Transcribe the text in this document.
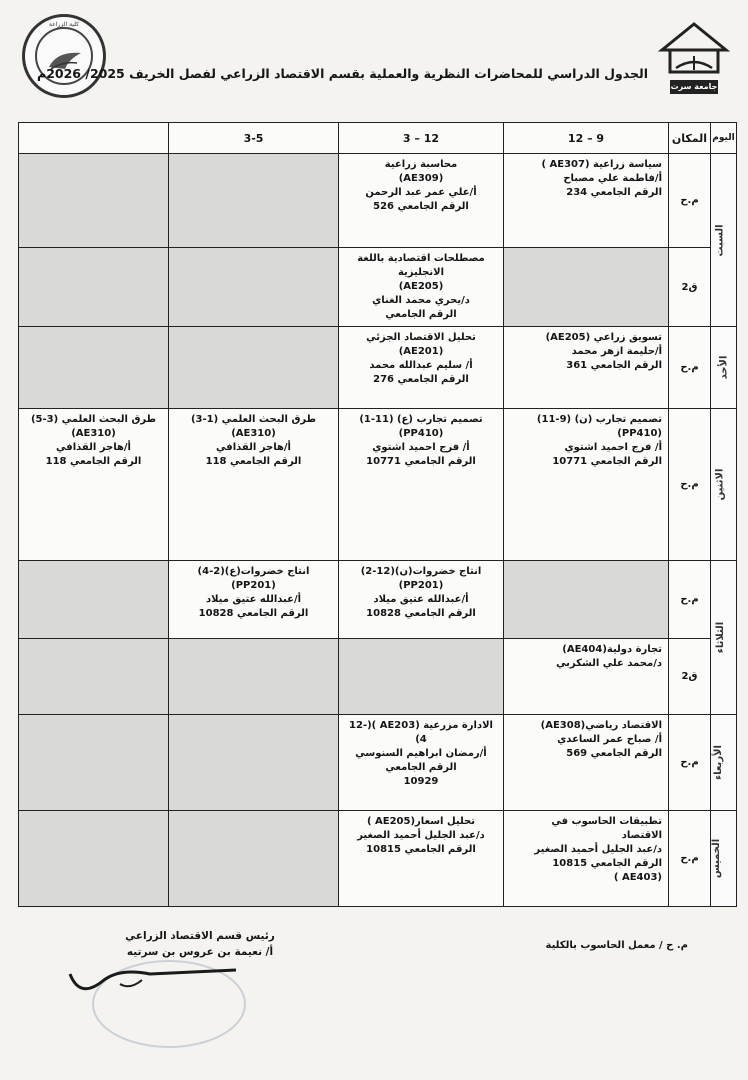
كلية الزراعة
الجدول الدراسي للمحاضرات النظرية والعملية بقسم الاقتصاد الزراعي لفصل الخريف 2025/ 2026م
جامعة سرت
اليوم	المكان	9 – 12	12 – 3	3-5	
السبت	م.ح	سياسة زراعية (AE307 )
أ/فاطمة علي مصباح
الرقم الجامعي 234	محاسبة زراعية
(AE309)
أ/علي عمر عبد الرحمن
الرقم الجامعي 526		

	ق2		مصطلحات اقتصادية باللغة الانجليزية
(AE205)
د/يحري محمد الغناي
الرقم الجامعي		

الأحد	م.ح	تسويق زراعي (AE205)
أ/حليمة ازهر محمد
الرقم الجامعي 361	تحليل الاقتصاد الجزئي (AE201)
أ/ سليم عبدالله محمد
الرقم الجامعي 276		

الاثنين	م.ح	تصميم تجارب (ن) (9-11)
(PP410)
أ/ فرج احميد اشتوي
الرقم الجامعي 10771	تصميم تجارب (ع) (11-1)
(PP410)
أ/ فرج احميد اشتوي
الرقم الجامعي 10771	طرق البحث العلمي (1-3)
(AE310)
أ/هاجر القذافي
الرقم الجامعي 118	طرق البحث العلمي (3-5)
(AE310)
أ/هاجر القذافي
الرقم الجامعي 118

الثلاثاء	م.ح		انتاج خضروات(ن)(12-2)
(PP201)
أ/عبدالله عتيق ميلاد
الرقم الجامعي 10828	انتاج خضروات(ع)(2-4)
(PP201)
أ/عبدالله عتيق ميلاد
الرقم الجامعي 10828	

	ق2	تجارة دولية(AE404)
د/محمد علي الشكربي			

الأربعاء	م.ح	الاقتصاد رياضي(AE308)
أ/ صباح عمر الساعدي
الرقم الجامعي 569	الادارة مزرعية (AE203 )(12-4)
أ/رمضان ابراهيم السنوسي
الرقم الجامعي
10929		

الخميس	م.ح	تطبيقات الحاسوب في الاقتصاد
د/عبد الجليل أحميد الصغير
الرقم الجامعي 10815
(AE403 )	تحليل اسعار(AE205 )
د/عبد الجليل أحميد الصغير
الرقم الجامعي 10815		

رئيس قسم الاقتصاد الزراعي
أ/ نعيمة بن عروس بن سرتيه
م. ح / معمل الحاسوب بالكلية
